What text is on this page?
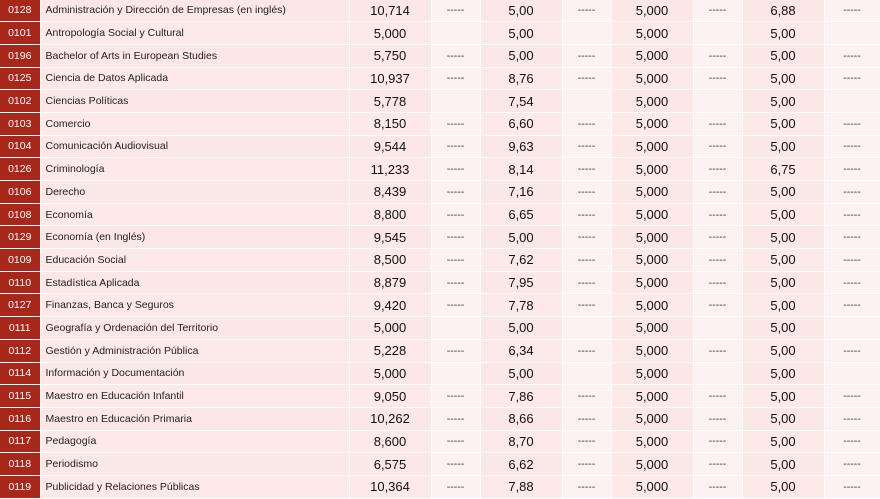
0128	Administración y Dirección de Empresas (en inglés)	10,714	-----	5,00	-----	5,000	-----	6,88	-----
0101	Antropología Social y Cultural	5,000		5,00		5,000		5,00	
0196	Bachelor of Arts in European Studies	5,750	-----	5,00	-----	5,000	-----	5,00	-----
0125	Ciencia de Datos Aplicada	10,937	-----	8,76	-----	5,000	-----	5,00	-----
0102	Ciencias Políticas	5,778		7,54		5,000		5,00	
0103	Comercio	8,150	-----	6,60	-----	5,000	-----	5,00	-----
0104	Comunicación Audiovisual	9,544	-----	9,63	-----	5,000	-----	5,00	-----
0126	Criminología	11,233	-----	8,14	-----	5,000	-----	6,75	-----
0106	Derecho	8,439	-----	7,16	-----	5,000	-----	5,00	-----
0108	Economía	8,800	-----	6,65	-----	5,000	-----	5,00	-----
0129	Economía (en Inglés)	9,545	-----	5,00	-----	5,000	-----	5,00	-----
0109	Educación Social	8,500	-----	7,62	-----	5,000	-----	5,00	-----
0110	Estadística Aplicada	8,879	-----	7,95	-----	5,000	-----	5,00	-----
0127	Finanzas, Banca y Seguros	9,420	-----	7,78	-----	5,000	-----	5,00	-----
0111	Geografía y Ordenación del Territorio	5,000		5,00		5,000		5,00	
0112	Gestión y Administración Pública	5,228	-----	6,34	-----	5,000	-----	5,00	-----
0114	Información y Documentación	5,000		5,00		5,000		5,00	
0115	Maestro en Educación Infantil	9,050	-----	7,86	-----	5,000	-----	5,00	-----
0116	Maestro en Educación Primaria	10,262	-----	8,66	-----	5,000	-----	5,00	-----
0117	Pedagogía	8,600	-----	8,70	-----	5,000	-----	5,00	-----
0118	Periodismo	6,575	-----	6,62	-----	5,000	-----	5,00	-----
0119	Publicidad y Relaciones Públicas	10,364	-----	7,88	-----	5,000	-----	5,00	-----
